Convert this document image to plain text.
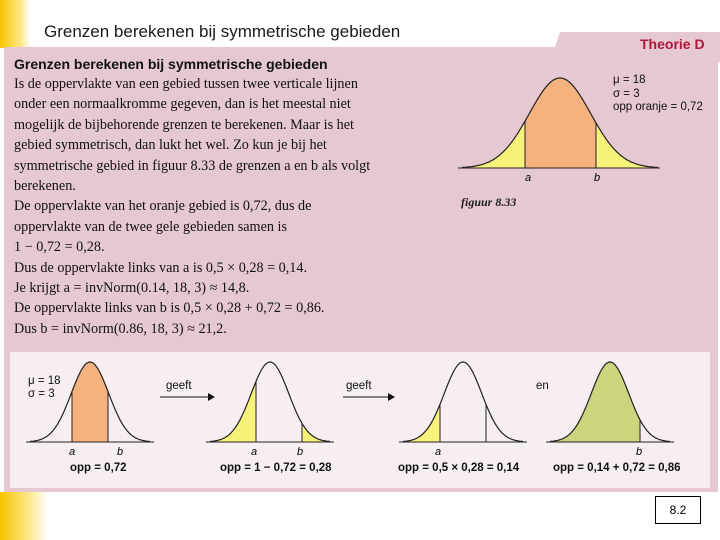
Grenzen berekenen bij symmetrische gebieden
Theorie D
Grenzen berekenen bij symmetrische gebieden
Is de oppervlakte van een gebied tussen twee verticale lijnen
onder een normaalkromme gegeven, dan is het meestal niet
mogelijk de bijbehorende grenzen te berekenen. Maar is het
gebied symmetrisch, dan lukt het wel. Zo kun je bij het
symmetrische gebied in figuur 8.33 de grenzen a en b als volgt
berekenen.
De oppervlakte van het oranje gebied is 0,72, dus de
oppervlakte van de twee gele gebieden samen is
1 − 0,72 = 0,28.
Dus de oppervlakte links van a is 0,5 × 0,28 = 0,14.
Je krijgt a = invNorm(0.14, 18, 3) ≈ 14,8.
De oppervlakte links van b is 0,5 × 0,28 + 0,72 = 0,86.
Dus b = invNorm(0.86, 18, 3) ≈ 21,2.
a	b
figuur 8.33
μ = 18
σ = 3
opp oranje = 0,72
a	b	a	b	a	b
μ = 18
σ = 3
geeft	geeft	en
opp = 0,72	opp = 1 − 0,72 = 0,28	opp = 0,5 × 0,28 = 0,14	opp = 0,14 + 0,72 = 0,86
8.2
